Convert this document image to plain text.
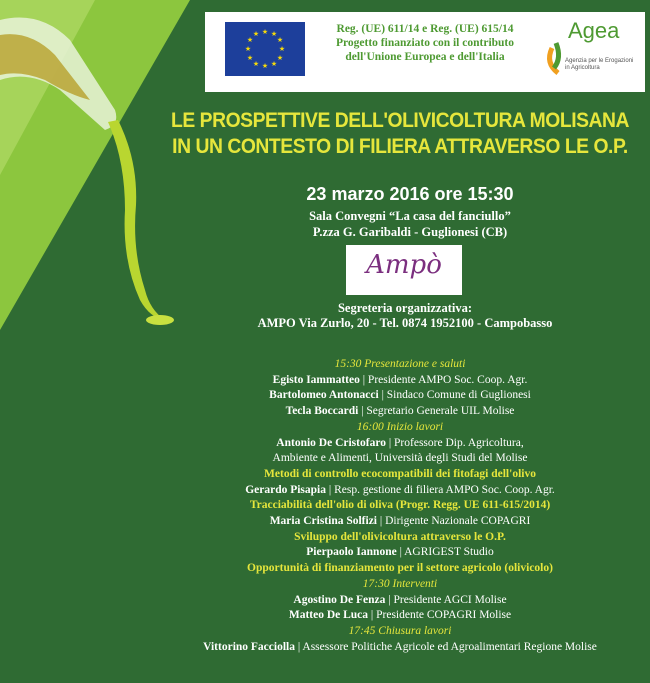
★ ★
★
★
★
★
★
★
★
★
★
★	Reg. (UE) 611/14 e Reg. (UE) 615/14
Progetto finanziato con il contributo
dell'Unione Europea e dell'Italia
Agea
Agenzia per le Erogazioni in Agricoltura
LE PROSPETTIVE DELL'OLIVICOLTURA MOLISANA
IN UN CONTESTO DI FILIERA ATTRAVERSO LE O.P.
23 marzo 2016 ore 15:30
Sala Convegni “La casa del fanciullo”
P.zza G. Garibaldi - Guglionesi (CB)
Ampò
Segreteria organizzativa:
AMPO Via Zurlo, 20 - Tel. 0874 1952100 - Campobasso
15:30 Presentazione e saluti
Egisto Iammatteo | Presidente AMPO Soc. Coop. Agr.
Bartolomeo Antonacci | Sindaco Comune di Guglionesi
Tecla Boccardi | Segretario Generale UIL Molise
16:00 Inizio lavori
Antonio De Cristofaro | Professore Dip. Agricoltura,
Ambiente e Alimenti, Università degli Studi del Molise
Metodi di controllo ecocompatibili dei fitofagi dell'olivo
Gerardo Pisapia | Resp. gestione di filiera AMPO Soc. Coop. Agr.
Tracciabilità dell'olio di oliva (Progr. Regg. UE 611-615/2014)
Maria Cristina Solfizi | Dirigente Nazionale COPAGRI
Sviluppo dell'olivicoltura attraverso le O.P.
Pierpaolo Iannone | AGRIGEST Studio
Opportunità di finanziamento per il settore agricolo (olivicolo)
17:30 Interventi
Agostino De Fenza | Presidente AGCI Molise
Matteo De Luca | Presidente COPAGRI Molise
17:45 Chiusura lavori
Vittorino Facciolla | Assessore Politiche Agricole ed Agroalimentari Regione Molise
